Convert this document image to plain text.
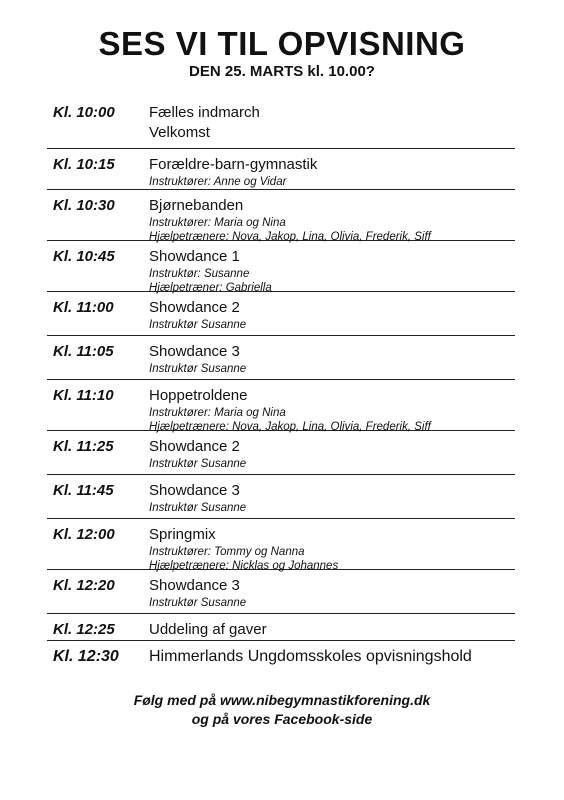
SES VI TIL OPVISNING
DEN 25. MARTS kl. 10.00?
Kl. 10:00	Fælles indmarch
Velkomst
Kl. 10:15	Forældre-barn-gymnastik
Instruktører: Anne og Vidar
Kl. 10:30	Bjørnebanden
Instruktører: Maria og Nina
Hjælpetrænere: Nova, Jakop, Lina, Olivia, Frederik, Siff
Kl. 10:45	Showdance 1
Instruktør: Susanne
Hjælpetræner: Gabriella
Kl. 11:00	Showdance 2
Instruktør Susanne
Kl. 11:05	Showdance 3
Instruktør Susanne
Kl. 11:10	Hoppetroldene
Instruktører: Maria og Nina
Hjælpetrænere: Nova, Jakop, Lina, Olivia, Frederik, Siff
Kl. 11:25	Showdance 2
Instruktør Susanne
Kl. 11:45	Showdance 3
Instruktør Susanne
Kl. 12:00	Springmix
Instruktører: Tommy og Nanna
Hjælpetrænere: Nicklas og Johannes
Kl. 12:20	Showdance 3
Instruktør Susanne
Kl. 12:25	Uddeling af gaver
Kl. 12:30	Himmerlands Ungdomsskoles opvisningshold
Følg med på www.nibegymnastikforening.dk
og på vores Facebook-side
